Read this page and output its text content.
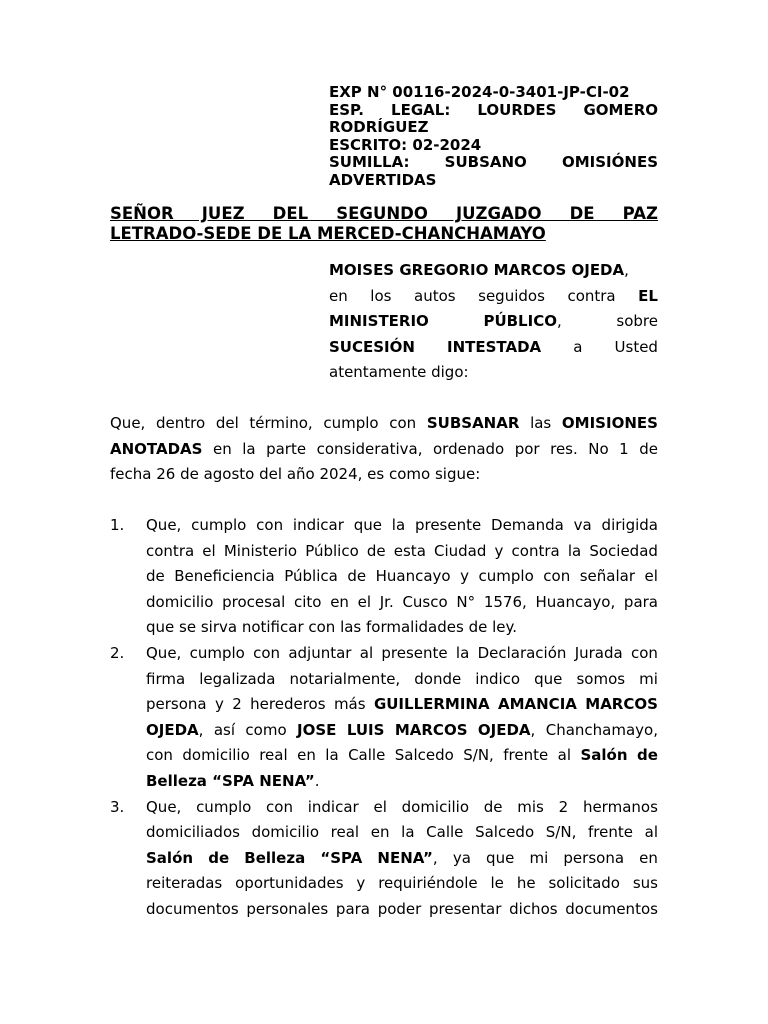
EXP N° 00116-2024-0-3401-JP-CI-02
ESP. LEGAL: LOURDES GOMERO
RODRÍGUEZ
ESCRITO: 02-2024
SUMILLA: SUBSANO OMISIÓNES
ADVERTIDAS
SEÑOR JUEZ DEL SEGUNDO JUZGADO DE PAZ
LETRADO-SEDE DE LA MERCED-CHANCHAMAYO
MOISES GREGORIO MARCOS OJEDA,
en los autos seguidos contra EL
MINISTERIO	PÚBLICO,	sobre
SUCESIÓN INTESTADA a Usted
atentamente digo:
Que, dentro del término, cumplo con SUBSANAR las OMISIONES
ANOTADAS en la parte considerativa, ordenado por res. No 1 de
fecha 26 de agosto del año 2024, es como sigue:
1. Que, cumplo con indicar que la presente Demanda va dirigida
contra el Ministerio Público de esta Ciudad y contra la Sociedad
de Beneficiencia Pública de Huancayo y cumplo con señalar el
domicilio procesal cito en el Jr. Cusco N° 1576, Huancayo, para
que se sirva notificar con las formalidades de ley.
2. Que, cumplo con adjuntar al presente la Declaración Jurada con
firma legalizada notarialmente, donde indico que somos mi
persona y 2 herederos más GUILLERMINA AMANCIA MARCOS
OJEDA, así como JOSE LUIS MARCOS OJEDA, Chanchamayo,
con domicilio real en la Calle Salcedo S/N, frente al Salón de
Belleza “SPA NENA” .
3. Que, cumplo con indicar el domicilio de mis 2 hermanos
domiciliados domicilio real en la Calle Salcedo S/N, frente al
Salón de Belleza “SPA NENA”, ya que mi persona en
reiteradas oportunidades y requiriéndole le he solicitado sus
documentos personales para poder presentar dichos documentos
